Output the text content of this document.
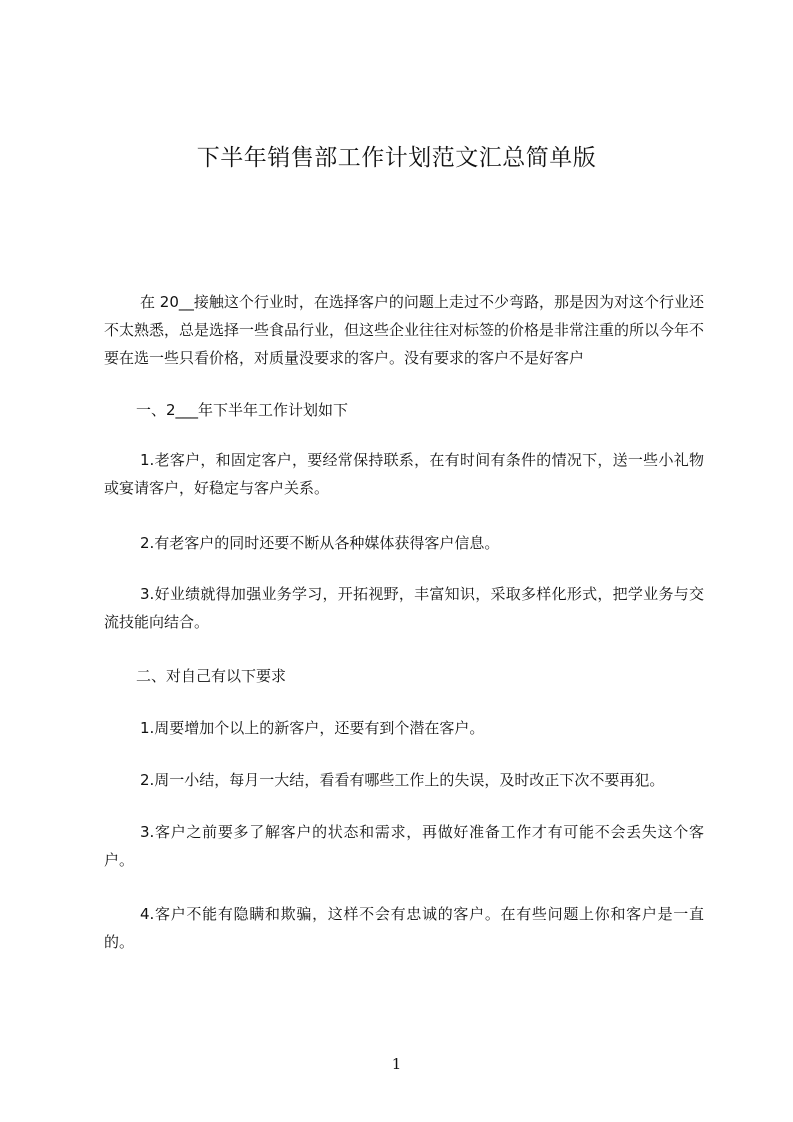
下半年销售部工作计划范文汇总简单版

在 20__接触这个行业时，在选择客户的问题上走过不少弯路，那是因为对这个行业还不太熟悉，总是选择一些食品行业，但这些企业往往对标签的价格是非常注重的所以今年不要在选一些只看价格，对质量没要求的客户。没有要求的客户不是好客户

一、2___年下半年工作计划如下

1.老客户，和固定客户，要经常保持联系，在有时间有条件的情况下，送一些小礼物或宴请客户，好稳定与客户关系。

2.有老客户的同时还要不断从各种媒体获得客户信息。

3.好业绩就得加强业务学习，开拓视野，丰富知识，采取多样化形式，把学业务与交流技能向结合。

二、对自己有以下要求

1.周要增加个以上的新客户，还要有到个潜在客户。

2.周一小结，每月一大结，看看有哪些工作上的失误，及时改正下次不要再犯。

3.客户之前要多了解客户的状态和需求，再做好准备工作才有可能不会丢失这个客户。

4.客户不能有隐瞒和欺骗，这样不会有忠诚的客户。在有些问题上你和客户是一直的。

1
